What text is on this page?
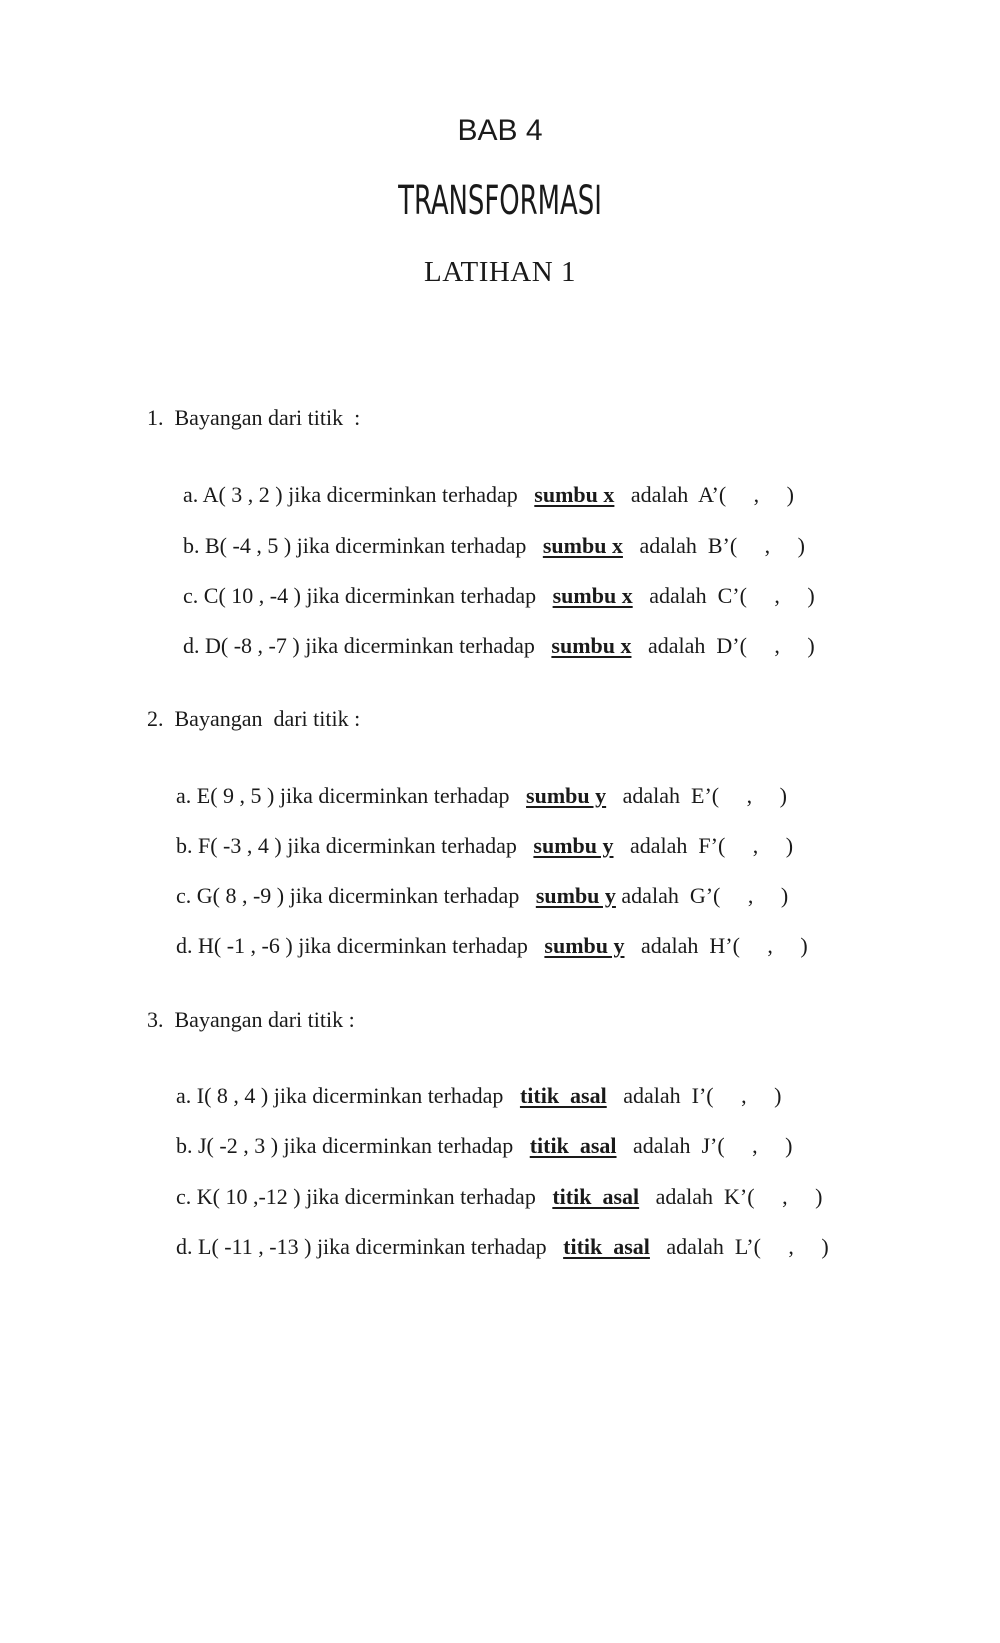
BAB 4
TRANSFORMASI
LATIHAN 1
1.  Bayangan dari titik  :

a. A( 3 , 2 ) jika dicerminkan terhadap sumbu x adalah  A’(     ,     )

b. B( -4 , 5 ) jika dicerminkan terhadap sumbu x adalah  B’(     ,     )

c. C( 10 , -4 ) jika dicerminkan terhadap sumbu x adalah  C’(     ,     )

d. D( -8 , -7 ) jika dicerminkan terhadap sumbu x adalah  D’(     ,     )

2.  Bayangan  dari titik :

a. E( 9 , 5 ) jika dicerminkan terhadap sumbu y adalah  E’(     ,     )

b. F( -3 , 4 ) jika dicerminkan terhadap sumbu y adalah  F’(     ,     )

c. G( 8 , -9 ) jika dicerminkan terhadap sumbu y adalah  G’(     ,     )

d. H( -1 , -6 ) jika dicerminkan terhadap sumbu y adalah  H’(     ,     )

3.  Bayangan dari titik :

a. I( 8 , 4 ) jika dicerminkan terhadap titik  asal adalah  I’(     ,     )

b. J( -2 , 3 ) jika dicerminkan terhadap titik  asal adalah  J’(     ,     )

c. K( 10 ,-12 ) jika dicerminkan terhadap titik  asal adalah  K’(     ,     )

d. L( -11 , -13 ) jika dicerminkan terhadap titik  asal adalah  L’(     ,     )
